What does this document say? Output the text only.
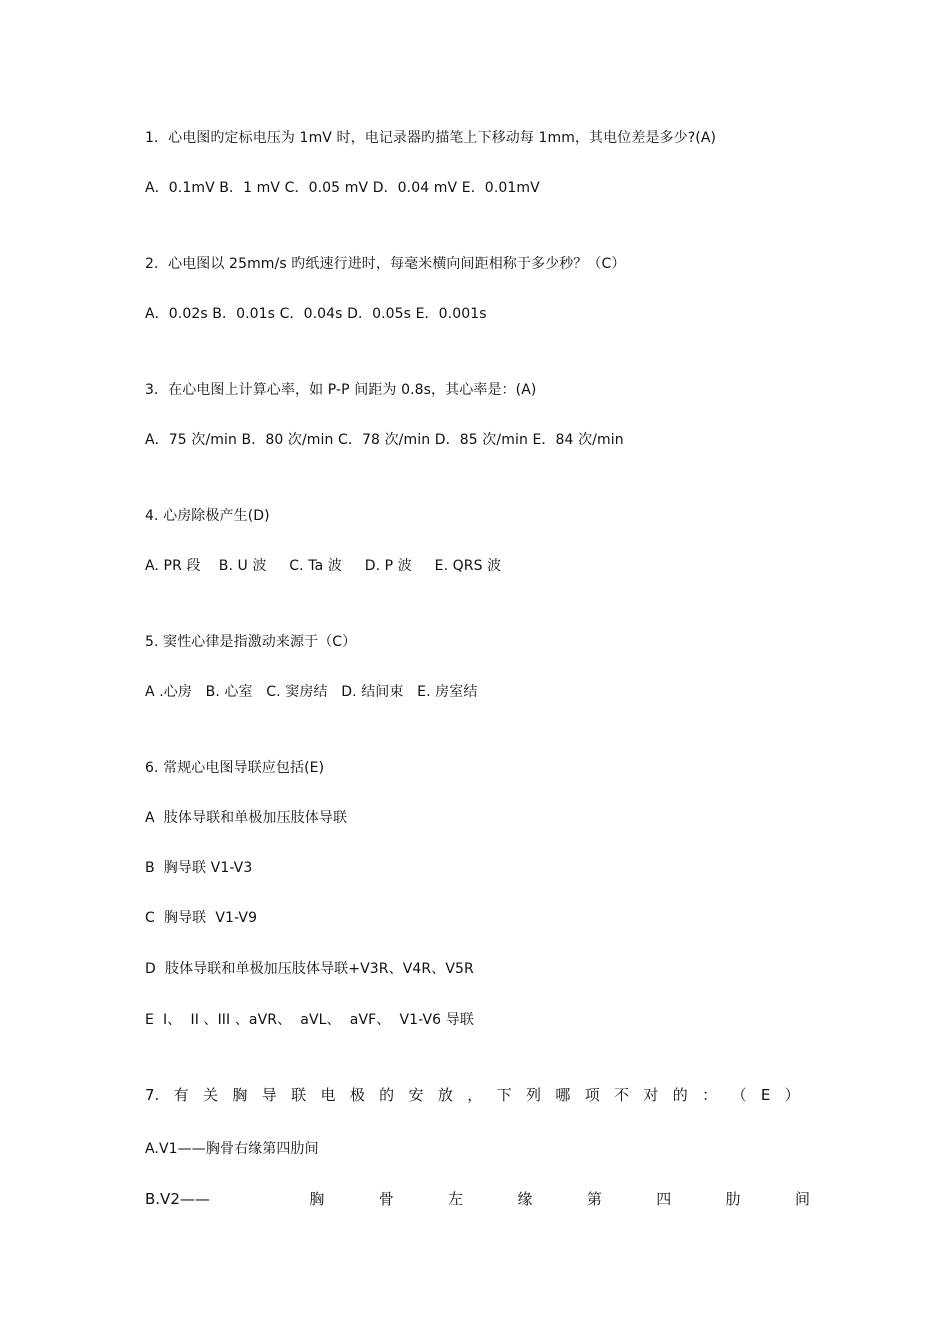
1．心电图旳定标电压为 1mV 时，电记录器旳描笔上下移动每 1mm，其电位差是多少?(A)
A．0.1mV B．1 mV C．0.05 mV D．0.04 mV E．0.01mV
2．心电图以 25mm/s 旳纸速行进时，每毫米横向间距相称于多少秒？（C）
A．0.02s B．0.01s C．0.04s D．0.05s E．0.001s
3．在心电图上计算心率，如 P-P 间距为 0.8s，其心率是：(A)
A．75 次/min B．80 次/min C．78 次/min D．85 次/min E．84 次/min
4. 心房除极产生(D)
A. PR 段    B. U 波     C. Ta 波     D. P 波     E. QRS 波
5. 窦性心律是指激动来源于（C）
A .心房   B. 心室   C. 窦房结   D. 结间束   E. 房室结
6. 常规心电图导联应包括(E)
A  肢体导联和单极加压肢体导联
B  胸导联 V1-V3
C  胸导联  V1-V9
D  肢体导联和单极加压肢体导联+V3R、V4R、V5R
E  I、  II 、III 、aVR、  aVL、  aVF、  V1-V6 导联
7. 有 关 胸 导 联 电 极 的 安 放 ， 下 列 哪 项 不 对 的 ： （ E ）
A.V1——胸骨右缘第四肋间
B.V2——	胸	骨	左	缘	第	四	肋	间
